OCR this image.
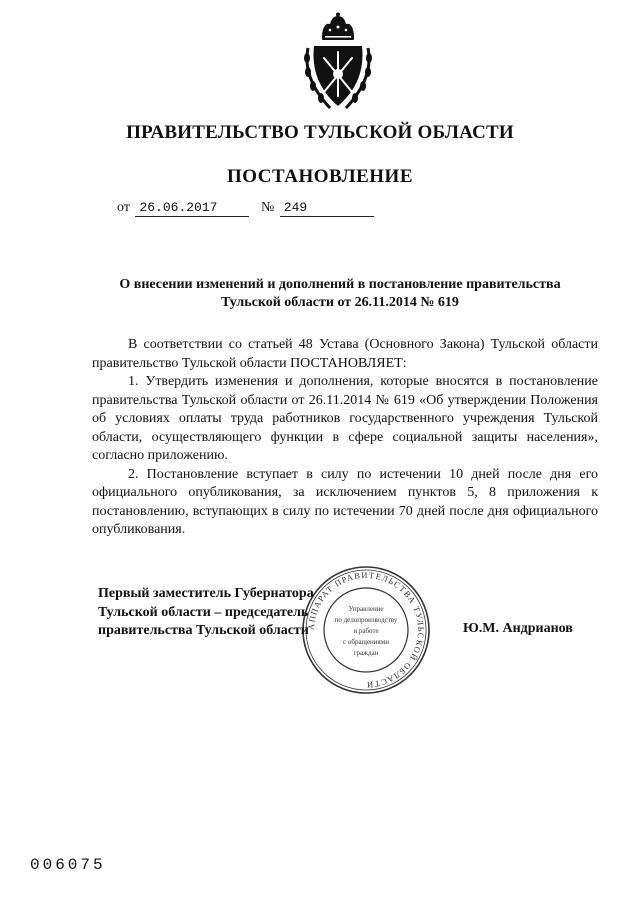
ПРАВИТЕЛЬСТВО ТУЛЬСКОЙ ОБЛАСТИ
ПОСТАНОВЛЕНИЕ
от 26.06.2017	№ 249
О внесении изменений и дополнений в постановление правительства
Тульской области от 26.11.2014 № 619

В соответствии со статьей 48 Устава (Основного Закона) Тульской области правительство Тульской области ПОСТАНОВЛЯЕТ:

1. Утвердить изменения и дополнения, которые вносятся в постановление правительства Тульской области от 26.11.2014 № 619 «Об утверждении Положения об условиях оплаты труда работников государственного учреждения Тульской области, осуществляющего функции в сфере социальной защиты населения», согласно приложению.

2. Постановление вступает в силу по истечении 10 дней после дня его официального опубликования, за исключением пунктов 5, 8 приложения к постановлению, вступающих в силу по истечении 70 дней после дня официального опубликования.

АППАРАТ ПРАВИТЕЛЬСТВА ТУЛЬСКОЙ ОБЛАСТИ
Управление
по делопроизводству
и работе
с обращениями
граждан
Первый заместитель Губернатора
Тульской области – председатель
правительства Тульской области	Ю.М. Андрианов
006075
